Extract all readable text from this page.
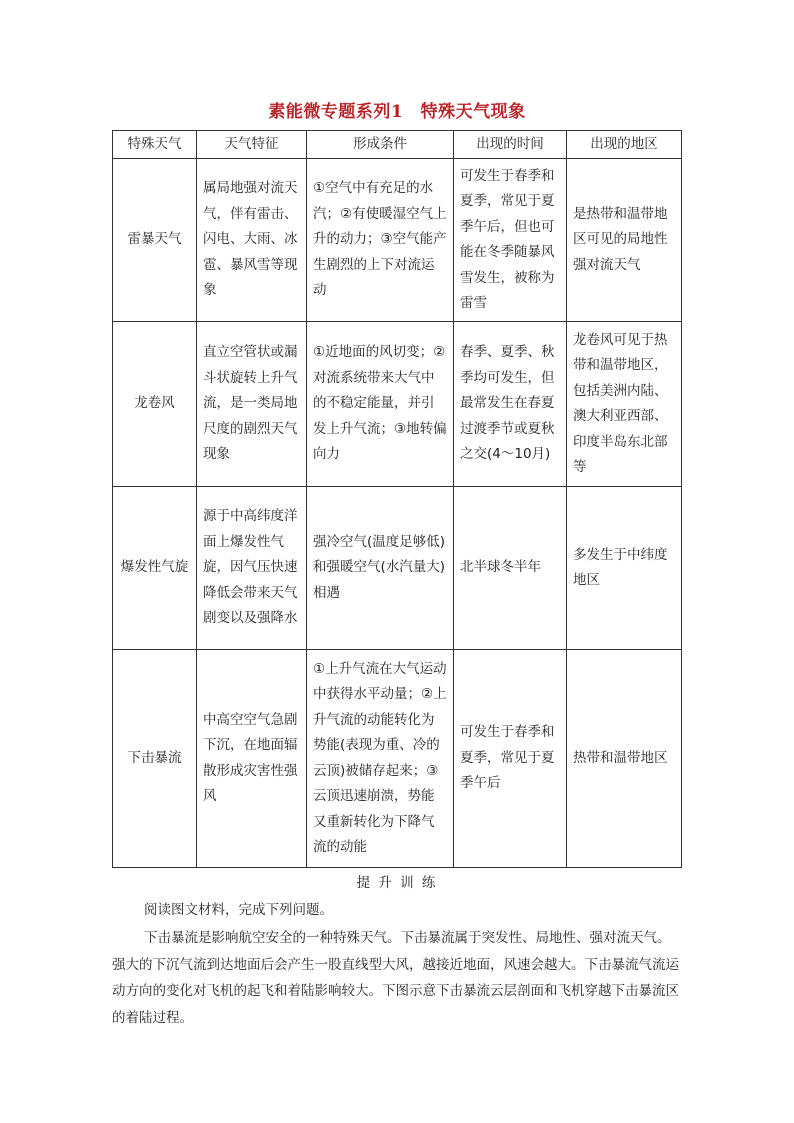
素能微专题系列1　特殊天气现象
特殊天气	天气特征	形成条件	出现的时间	出现的地区
雷暴天气	属局地强对流天气，伴有雷击、闪电、大雨、冰雹、暴风雪等现象	①空气中有充足的水汽；②有使暖湿空气上升的动力；③空气能产生剧烈的上下对流运动	可发生于春季和夏季，常见于夏季午后，但也可能在冬季随暴风雪发生，被称为雷雪	是热带和温带地区可见的局地性强对流天气
龙卷风	直立空管状或漏斗状旋转上升气流，是一类局地尺度的剧烈天气现象	①近地面的风切变；②对流系统带来大气中的不稳定能量，并引发上升气流；③地转偏向力	春季、夏季、秋季均可发生，但最常发生在春夏过渡季节或夏秋之交(4～10月)	龙卷风可见于热带和温带地区，包括美洲内陆、澳大利亚西部、印度半岛东北部等
爆发性气旋	源于中高纬度洋面上爆发性气旋，因气压快速降低会带来天气剧变以及强降水	强冷空气(温度足够低)和强暖空气(水汽量大)相遇	北半球冬半年	多发生于中纬度地区
下击暴流	中高空空气急剧下沉，在地面辐散形成灾害性强风	①上升气流在大气运动中获得水平动量；②上升气流的动能转化为势能(表现为重、冷的云顶)被储存起来；③云顶迅速崩溃，势能又重新转化为下降气流的动能	可发生于春季和夏季，常见于夏季午后	热带和温带地区
提 升 训 练

阅读图文材料，完成下列问题。

下击暴流是影响航空安全的一种特殊天气。下击暴流属于突发性、局地性、强对流天气。强大的下沉气流到达地面后会产生一股直线型大风，越接近地面，风速会越大。下击暴流气流运动方向的变化对飞机的起飞和着陆影响较大。下图示意下击暴流云层剖面和飞机穿越下击暴流区的着陆过程。
